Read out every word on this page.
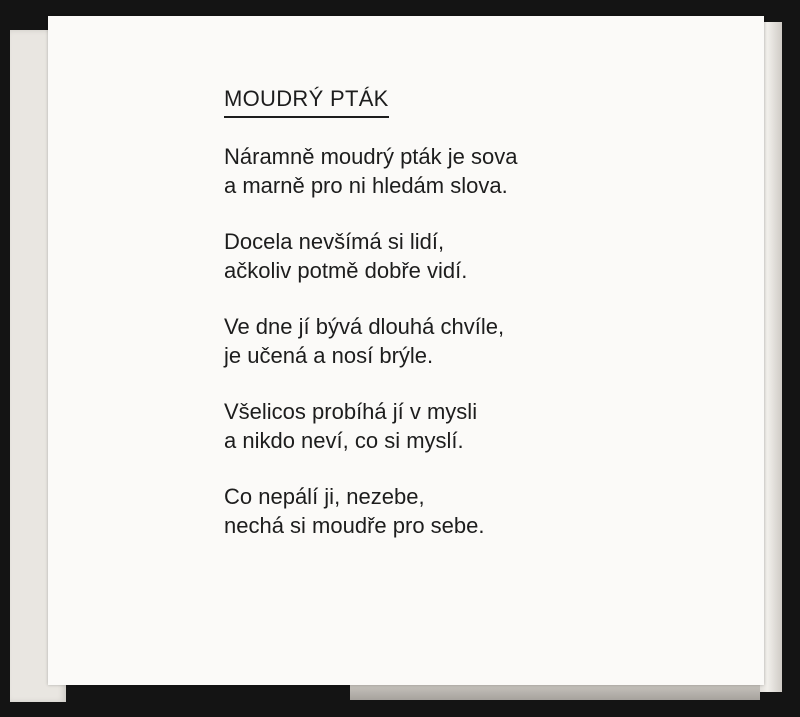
MOUDRÝ PTÁK
Náramně moudrý pták je sova
a marně pro ni hledám slova.
Docela nevšímá si lidí,
ačkoliv potmě dobře vidí.
Ve dne jí bývá dlouhá chvíle,
je učená a nosí brýle.
Všelicos probíhá jí v mysli
a nikdo neví, co si myslí.
Co nepálí ji, nezebe,
nechá si moudře pro sebe.
